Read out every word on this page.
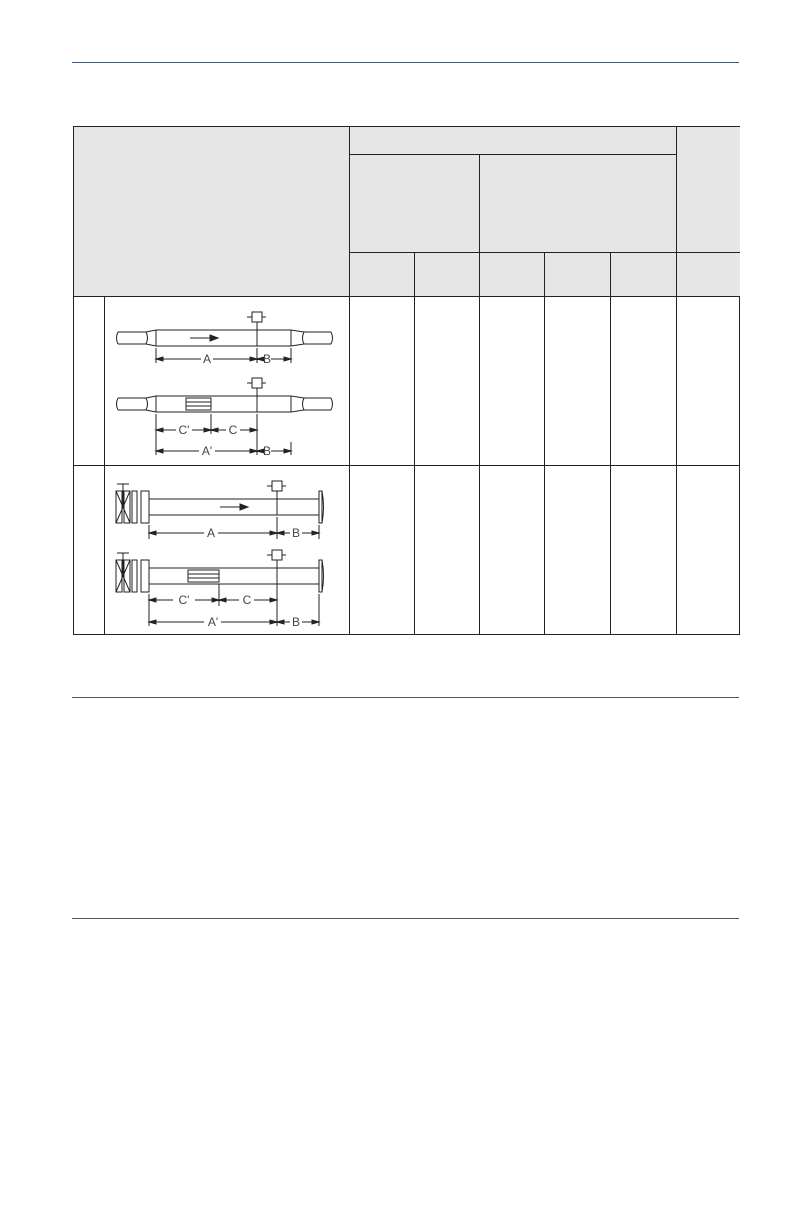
A	B
C'	C
A'	B
A	B
C'	C
A'	B
